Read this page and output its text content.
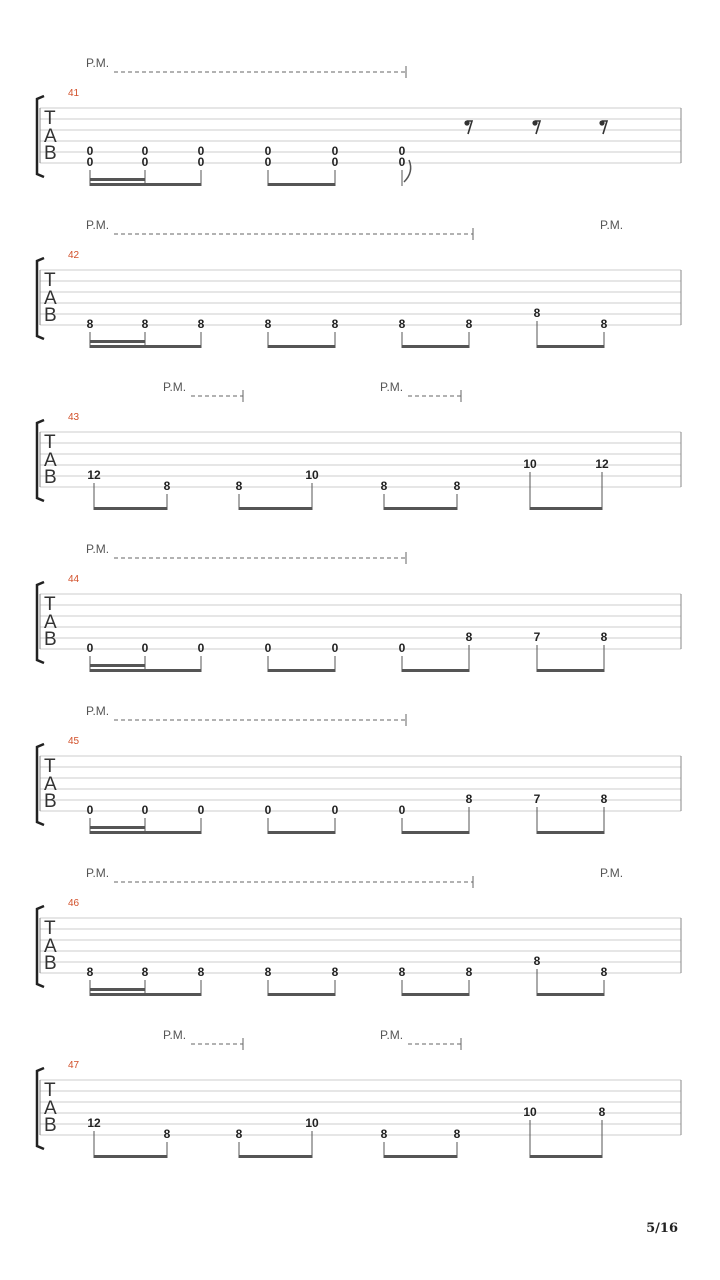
P.M.
41
T
A
B 0
0
0
0
0
0
0
0
0
0
0
0
P.M.	P.M.
42
T
A
B 8	8	8	8	8	8	8
8
8
P.M.	P.M.
43
T
A
B	12
8	8
10
8	8
10	12
P.M.
44
T
A
B 0	0	0	0	0	0
8	7	8
P.M.
45
T
A
B 0	0	0	0	0	0
8	7	8
P.M.	P.M.
46
T
A
B 8	8	8	8	8	8	8
8
8
P.M.	P.M.
47
T
A
B	12
8	8
10
8	8
10	8
5/16
